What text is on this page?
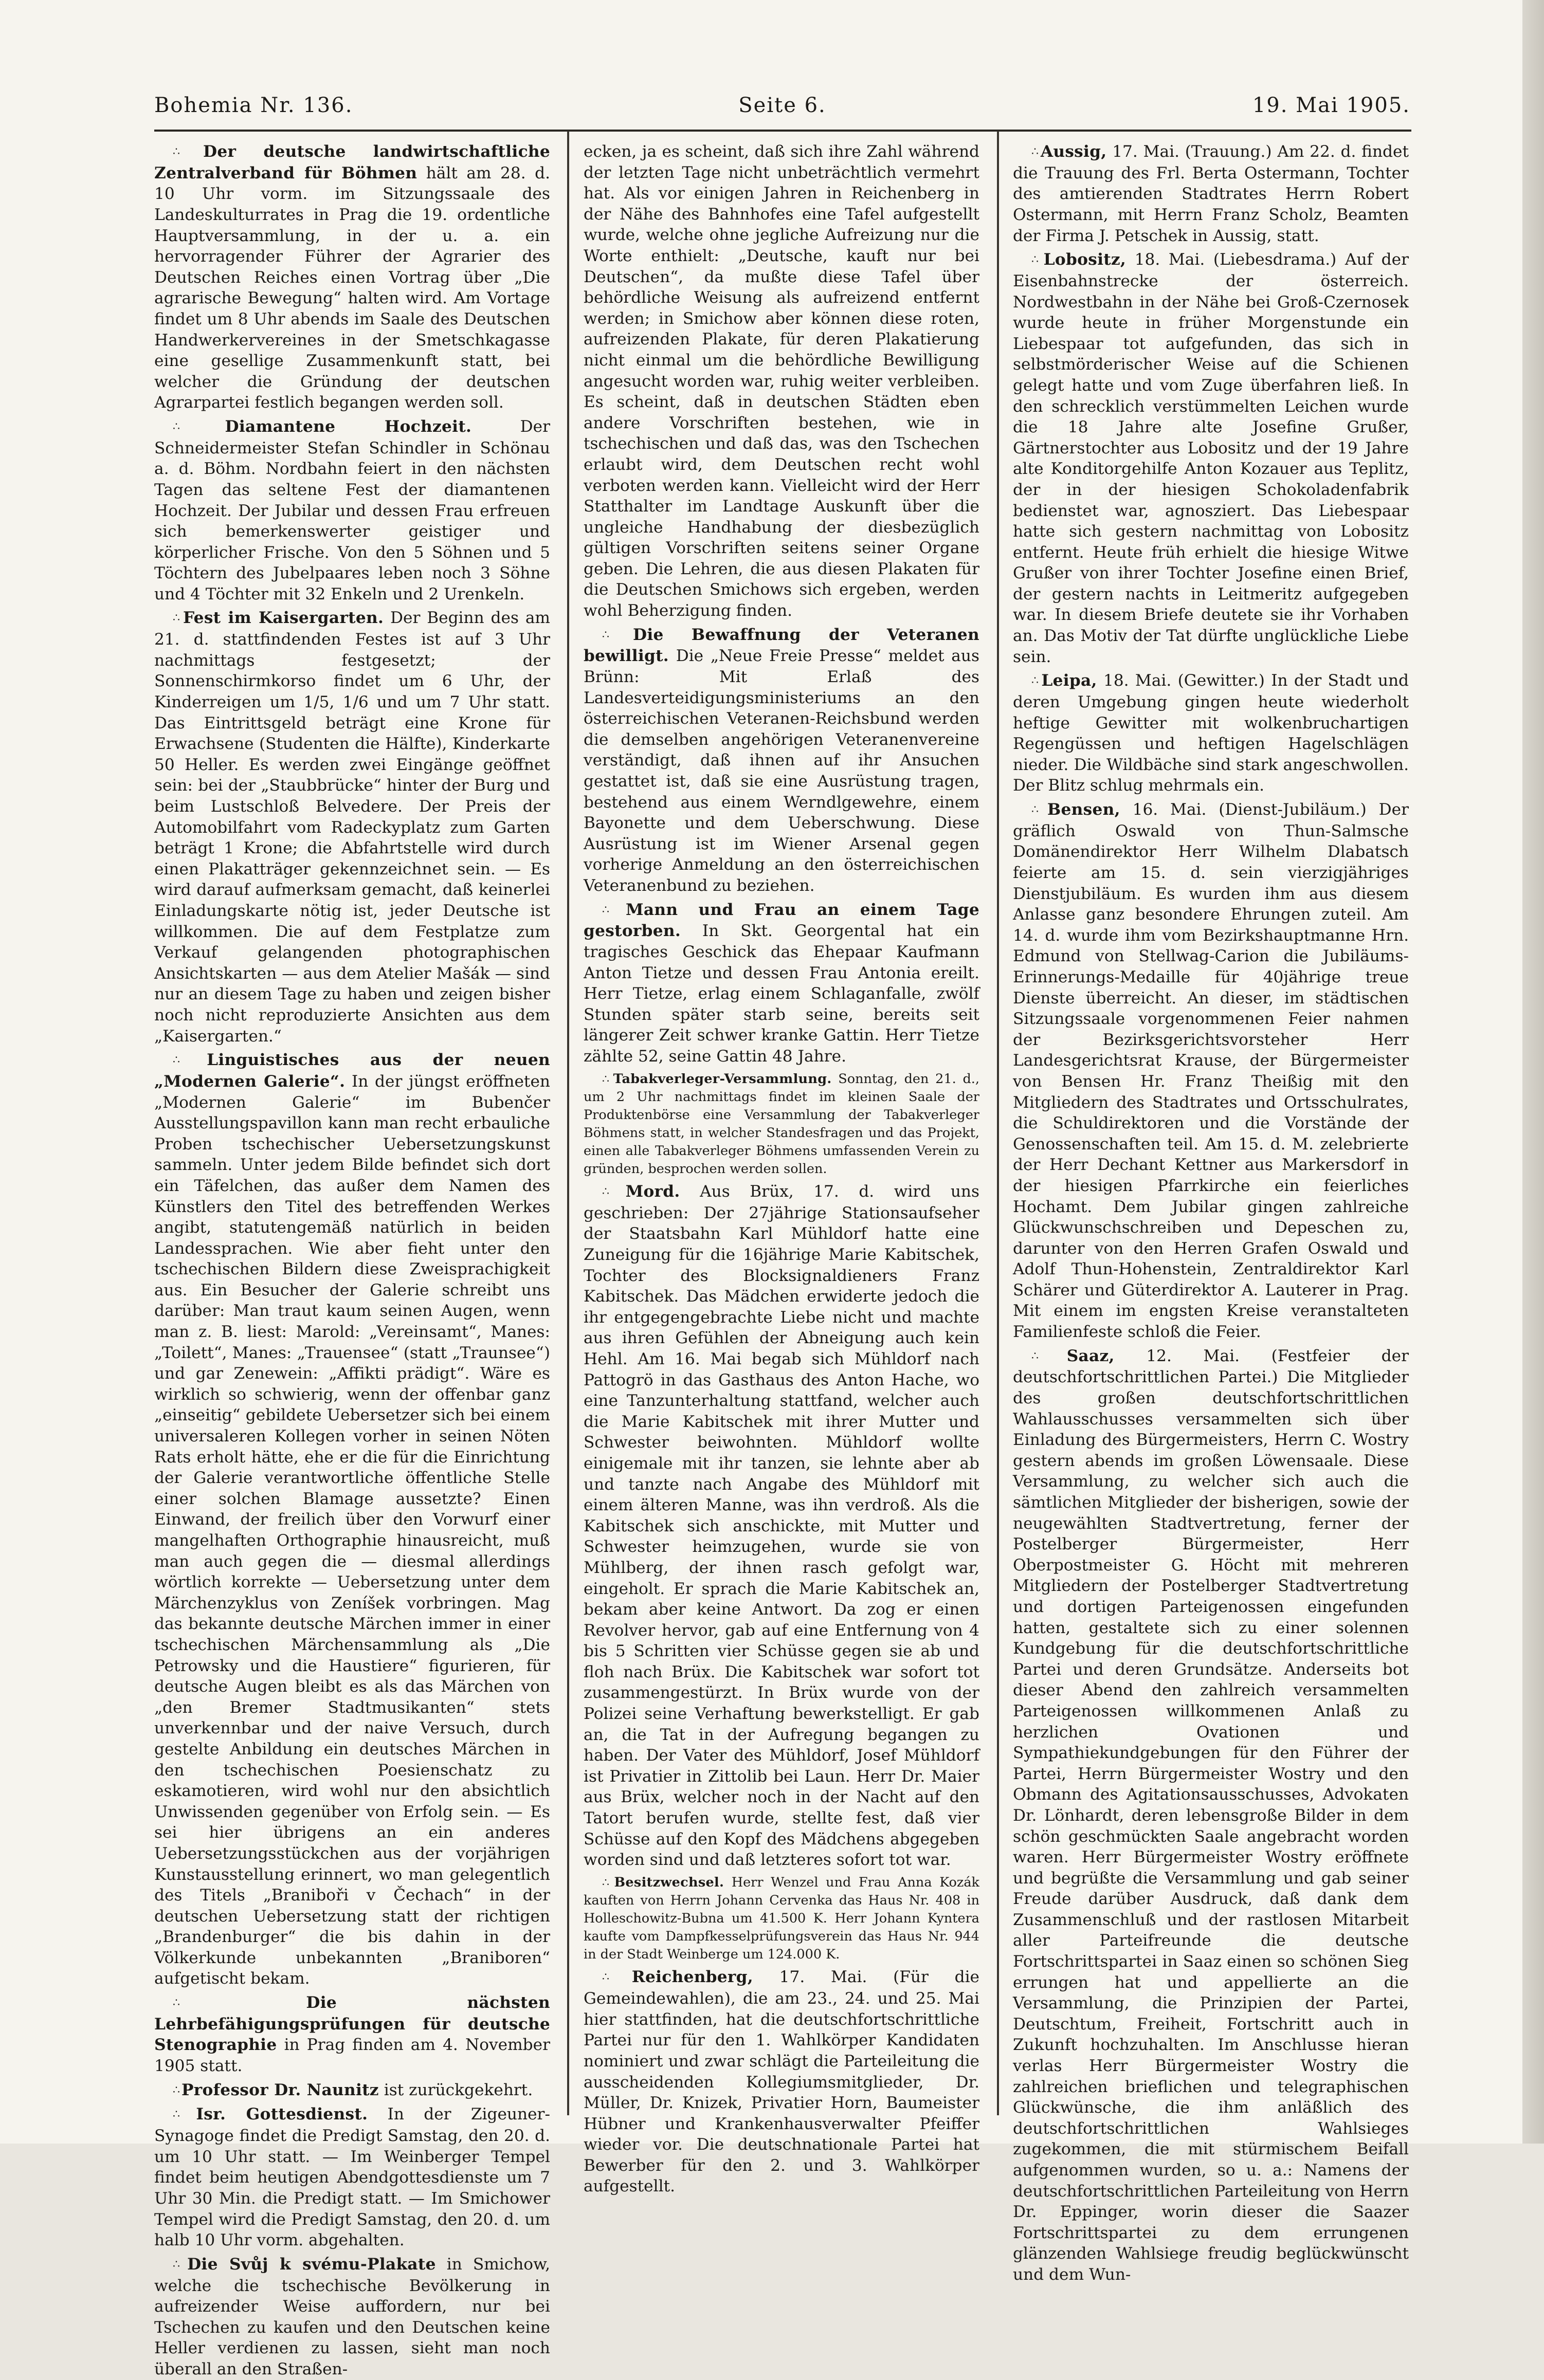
Bohemia Nr. 136.	Seite 6.	19. Mai 1905.

∴ Der deutsche landwirtschaftliche Zentralverband für Böhmen hält am 28. d. 10 Uhr vorm. im Sitzungssaale des Landeskulturrates in Prag die 19. ordentliche Hauptversammlung, in der u. a. ein hervorragender Führer der Agrarier des Deutschen Reiches einen Vortrag über „Die agrarische Bewegung“ halten wird. Am Vortage findet um 8 Uhr abends im Saale des Deutschen Handwerkervereines in der Smetschkagasse eine gesellige Zusammenkunft statt, bei welcher die Gründung der deutschen Agrarpartei festlich begangen werden soll.

∴ Diamantene Hochzeit.	Der Schneidermeister Stefan Schindler in Schönau a. d. Böhm. Nordbahn feiert in den nächsten Tagen das seltene Fest der diamantenen Hochzeit. Der Jubilar und dessen Frau erfreuen sich bemerkenswerter geistiger und körperlicher Frische. Von den 5 Söhnen und 5 Töchtern des Jubelpaares leben noch 3 Söhne und 4 Töchter mit 32 Enkeln und 2 Urenkeln.

∴ Fest im Kaisergarten. Der Beginn des am 21. d. stattfindenden Festes ist auf 3 Uhr nachmittags festgesetzt; der Sonnenschirmkorso findet um 6 Uhr, der Kinderreigen um 1/5, 1/6 und um 7 Uhr statt. Das Eintrittsgeld beträgt eine Krone für Erwachsene (Studenten die Hälfte), Kinderkarte 50 Heller. Es werden zwei Eingänge geöffnet sein: bei der „Staubbrücke“ hinter der Burg und beim Lustschloß Belvedere. Der Preis der Automobilfahrt vom Radeckyplatz zum Garten beträgt 1 Krone; die Abfahrtstelle wird durch einen Plakatträger gekennzeichnet sein. — Es wird darauf aufmerksam gemacht, daß keinerlei Einladungskarte nötig ist, jeder Deutsche ist willkommen. Die auf dem Festplatze zum Verkauf gelangenden photographischen Ansichtskarten — aus dem Atelier Mašák — sind nur an diesem Tage zu haben und zeigen bisher noch nicht reproduzierte Ansichten aus dem „Kaisergarten.“

∴ Linguistisches aus der neuen „Modernen Galerie“. In der jüngst eröffneten „Modernen Galerie“ im Bubenčer Ausstellungspavillon kann man recht erbauliche Proben tschechischer Uebersetzungskunst sammeln. Unter jedem Bilde befindet sich dort ein Täfelchen, das außer dem Namen des Künstlers den Titel des betreffenden Werkes angibt, statutengemäß natürlich in beiden Landessprachen. Wie aber fieht unter den tschechischen Bildern diese Zweisprachigkeit aus. Ein Besucher der Galerie schreibt uns darüber: Man traut kaum seinen Augen, wenn man z. B. liest: Marold: „Vereinsamt“, Manes: „Toilett“, Manes: „Trauensee“ (statt „Traunsee“) und gar Zenewein: „Affikti prädigt“. Wäre es wirklich so schwierig, wenn der offenbar ganz „einseitig“ gebildete Uebersetzer sich bei einem universaleren Kollegen vorher in seinen Nöten Rats erholt hätte, ehe er die für die Einrichtung der Galerie verantwortliche öffentliche Stelle einer solchen Blamage aussetzte? Einen Einwand, der freilich über den Vorwurf einer mangelhaften Orthographie hinausreicht, muß man auch gegen die — diesmal allerdings wörtlich korrekte — Uebersetzung unter dem Märchenzyklus von Zeníšek vorbringen. Mag das bekannte deutsche Märchen immer in einer tschechischen Märchensammlung als „Die Petrowsky und die Haustiere“ figurieren, für deutsche Augen bleibt es als das Märchen von „den Bremer Stadtmusikanten“ stets unverkennbar und der naive Versuch, durch gestelte Anbildung ein deutsches Märchen in den tschechischen Poesienschatz zu eskamotieren, wird wohl nur den absichtlich Unwissenden gegenüber von Erfolg sein. — Es sei hier übrigens an ein anderes Uebersetzungsstückchen aus der vorjährigen Kunstausstellung erinnert, wo man gelegentlich des Titels „Braniboři v Čechach“ in der deutschen Uebersetzung statt der richtigen „Brandenburger“ die bis dahin in der Völkerkunde unbekannten „Braniboren“ aufgetischt bekam.

∴ Die nächsten Lehrbefähigungsprüfungen für deutsche Stenographie in Prag finden am 4. November 1905 statt.

∴ Professor Dr. Naunitz ist zurückgekehrt.

∴ Isr. Gottesdienst. In der Zigeuner-Synagoge findet die Predigt Samstag, den 20. d. um 10 Uhr statt. — Im Weinberger Tempel findet beim heutigen Abendgottesdienste um 7 Uhr 30 Min. die Predigt statt. — Im Smichower Tempel wird die Predigt Samstag, den 20. d. um halb 10 Uhr vorm. abgehalten.

∴ Die Svůj k svému-Plakate in Smichow, welche die tschechische Bevölkerung in aufreizender Weise auffordern, nur bei Tschechen zu kaufen und den Deutschen keine Heller verdienen zu lassen, sieht man noch überall an den Straßen-

ecken, ja es scheint, daß sich ihre Zahl während der letzten Tage nicht unbeträchtlich vermehrt hat. Als vor einigen Jahren in Reichenberg in der Nähe des Bahnhofes eine Tafel aufgestellt wurde, welche ohne jegliche Aufreizung nur die Worte enthielt: „Deutsche, kauft nur bei Deutschen“, da mußte diese Tafel über behördliche Weisung als aufreizend entfernt werden; in Smichow aber können diese roten, aufreizenden Plakate, für deren Plakatierung nicht einmal um die behördliche Bewilligung angesucht worden war, ruhig weiter verbleiben. Es scheint, daß in deutschen Städten eben andere Vorschriften bestehen, wie in tschechischen und daß das, was den Tschechen erlaubt wird, dem Deutschen recht wohl verboten werden kann. Vielleicht wird der Herr Statthalter im Landtage Auskunft über die ungleiche Handhabung der diesbezüglich gültigen Vorschriften seitens seiner Organe geben. Die Lehren, die aus diesen Plakaten für die Deutschen Smichows sich ergeben, werden wohl Beherzigung finden.

∴ Die Bewaffnung der Veteranen bewilligt. Die „Neue Freie Presse“ meldet aus Brünn: Mit Erlaß des Landesverteidigungsministeriums an den österreichischen Veteranen-Reichsbund werden die demselben angehörigen Veteranenvereine verständigt, daß ihnen auf ihr Ansuchen gestattet ist, daß sie eine Ausrüstung tragen, bestehend aus einem Werndlgewehre, einem Bayonette und dem Ueberschwung. Diese Ausrüstung ist im Wiener Arsenal gegen vorherige Anmeldung an den österreichischen Veteranenbund zu beziehen.

∴ Mann und Frau an einem Tage gestorben. In Skt. Georgental hat ein tragisches Geschick das Ehepaar Kaufmann Anton Tietze und dessen Frau Antonia ereilt. Herr Tietze, erlag einem Schlaganfalle, zwölf Stunden später starb seine, bereits seit längerer Zeit schwer kranke Gattin. Herr Tietze zählte 52, seine Gattin 48 Jahre.

∴ Tabakverleger-Versammlung. Sonntag, den 21. d., um 2 Uhr nachmittags findet im kleinen Saale der Produktenbörse eine Versammlung der Tabakverleger Böhmens statt, in welcher Standesfragen und das Projekt, einen alle Tabakverleger Böhmens umfassenden Verein zu gründen, besprochen werden sollen.

∴ Mord. Aus Brüx, 17. d. wird uns geschrieben: Der 27jährige Stationsaufseher der Staatsbahn Karl Mühldorf hatte eine Zuneigung für die 16jährige Marie Kabitschek, Tochter des Blocksignaldieners Franz Kabitschek. Das Mädchen erwiderte jedoch die ihr entgegengebrachte Liebe nicht und machte aus ihren Gefühlen der Abneigung auch kein Hehl. Am 16. Mai begab sich Mühldorf nach Pattogrö in das Gasthaus des Anton Hache, wo eine Tanzunterhaltung stattfand, welcher auch die Marie Kabitschek mit ihrer Mutter und Schwester beiwohnten. Mühldorf wollte einigemale mit ihr tanzen, sie lehnte aber ab und tanzte nach Angabe des Mühldorf mit einem älteren Manne, was ihn verdroß. Als die Kabitschek sich anschickte, mit Mutter und Schwester heimzugehen, wurde sie von Mühlberg, der ihnen rasch gefolgt war, eingeholt. Er sprach die Marie Kabitschek an, bekam aber keine Antwort. Da zog er einen Revolver hervor, gab auf eine Entfernung von 4 bis 5 Schritten vier Schüsse gegen sie ab und floh nach Brüx. Die Kabitschek war sofort tot zusammengestürzt. In Brüx wurde von der Polizei seine Verhaftung bewerkstelligt. Er gab an, die Tat in der Aufregung begangen zu haben. Der Vater des Mühldorf, Josef Mühldorf ist Privatier in Zittolib bei Laun. Herr Dr. Maier aus Brüx, welcher noch in der Nacht auf den Tatort berufen wurde, stellte fest, daß vier Schüsse auf den Kopf des Mädchens abgegeben worden sind und daß letzteres sofort tot war.

∴ Besitzwechsel. Herr Wenzel und Frau Anna Kozák kauften von Herrn Johann Cervenka das Haus Nr. 408 in Holleschowitz-Bubna um 41.500 K. Herr Johann Kyntera kaufte vom Dampfkesselprüfungsverein das Haus Nr. 944 in der Stadt Weinberge um 124.000 K.

∴ Reichenberg, 17. Mai. (Für die Gemeindewahlen), die am 23., 24. und 25. Mai hier stattfinden, hat die deutschfortschrittliche Partei nur für den 1. Wahlkörper Kandidaten nominiert und zwar schlägt die Parteileitung die ausscheidenden Kollegiumsmitglieder, Dr. Müller, Dr. Knizek, Privatier Horn, Baumeister Hübner und Krankenhausverwalter Pfeiffer wieder vor. Die deutschnationale Partei hat Bewerber für den 2. und 3. Wahlkörper aufgestellt.

∴ Aussig, 17. Mai. (Trauung.) Am 22. d. findet die Trauung des Frl. Berta Ostermann, Tochter des amtierenden Stadtrates Herrn Robert Ostermann, mit Herrn Franz Scholz, Beamten der Firma J. Petschek in Aussig, statt.

∴ Lobositz, 18. Mai. (Liebesdrama.) Auf der Eisenbahnstrecke der österreich. Nordwestbahn in der Nähe bei Groß-Czernosek wurde heute in früher Morgenstunde ein Liebespaar tot aufgefunden, das sich in selbstmörderischer Weise auf die Schienen gelegt hatte und vom Zuge überfahren ließ. In den schrecklich verstümmelten Leichen wurde die 18 Jahre alte Josefine Grußer, Gärtnerstochter aus Lobositz und der 19 Jahre alte Konditorgehilfe Anton Kozauer aus Teplitz, der in der hiesigen Schokoladenfabrik bedienstet war, agnosziert. Das Liebespaar hatte sich gestern nachmittag von Lobositz entfernt. Heute früh erhielt die hiesige Witwe Grußer von ihrer Tochter Josefine einen Brief, der gestern nachts in Leitmeritz aufgegeben war. In diesem Briefe deutete sie ihr Vorhaben an. Das Motiv der Tat dürfte unglückliche Liebe sein.

∴ Leipa, 18. Mai. (Gewitter.) In der Stadt und deren Umgebung gingen heute wiederholt heftige Gewitter mit wolkenbruchartigen Regengüssen und heftigen Hagelschlägen nieder. Die Wildbäche sind stark angeschwollen. Der Blitz schlug mehrmals ein.

∴ Bensen, 16. Mai. (Dienst-Jubiläum.) Der gräflich Oswald von Thun-Salmsche Domänendirektor Herr Wilhelm Dlabatsch feierte am 15. d. sein vierzigjähriges Dienstjubiläum. Es wurden ihm aus diesem Anlasse ganz besondere Ehrungen zuteil. Am 14. d. wurde ihm vom Bezirkshauptmanne Hrn. Edmund von Stellwag-Carion die Jubiläums-Erinnerungs-Medaille für 40jährige treue Dienste überreicht. An dieser, im städtischen Sitzungssaale vorgenommenen Feier nahmen der Bezirksgerichtsvorsteher Herr Landesgerichtsrat Krause, der Bürgermeister von Bensen Hr. Franz Theißig mit den Mitgliedern des Stadtrates und Ortsschulrates, die Schuldirektoren und die Vorstände der Genossenschaften teil. Am 15. d. M. zelebrierte der Herr Dechant Kettner aus Markersdorf in der hiesigen Pfarrkirche ein feierliches Hochamt. Dem Jubilar gingen zahlreiche Glückwunschschreiben und Depeschen zu, darunter von den Herren Grafen Oswald und Adolf Thun-Hohenstein, Zentraldirektor Karl Schärer und Güterdirektor A. Lauterer in Prag. Mit einem im engsten Kreise veranstalteten Familienfeste schloß die Feier.

∴ Saaz, 12. Mai. (Festfeier der deutschfortschrittlichen Partei.) Die Mitglieder des großen deutschfortschrittlichen Wahlausschusses versammelten sich über Einladung des Bürgermeisters, Herrn C. Wostry gestern abends im großen Löwensaale. Diese Versammlung, zu welcher sich auch die sämtlichen Mitglieder der bisherigen, sowie der neugewählten Stadtvertretung, ferner der Postelberger Bürgermeister, Herr Oberpostmeister G. Höcht mit mehreren Mitgliedern der Postelberger Stadtvertretung und dortigen Parteigenossen eingefunden hatten, gestaltete sich zu einer solennen Kundgebung für die deutschfortschrittliche Partei und deren Grundsätze. Anderseits bot dieser Abend den zahlreich versammelten Parteigenossen willkommenen Anlaß zu herzlichen Ovationen und Sympathiekundgebungen für den Führer der Partei, Herrn Bürgermeister Wostry und den Obmann des Agitationsausschusses, Advokaten Dr. Lönhardt, deren lebensgroße Bilder in dem schön geschmückten Saale angebracht worden waren. Herr Bürgermeister Wostry eröffnete und begrüßte die Versammlung und gab seiner Freude darüber Ausdruck, daß dank dem Zusammenschluß und der rastlosen Mitarbeit aller Parteifreunde die deutsche Fortschrittspartei in Saaz einen so schönen Sieg errungen hat und appellierte an die Versammlung, die Prinzipien der Partei, Deutschtum, Freiheit, Fortschritt auch in Zukunft hochzuhalten. Im Anschlusse hieran verlas Herr Bürgermeister Wostry die zahlreichen brieflichen und telegraphischen Glückwünsche, die ihm anläßlich des deutschfortschrittlichen Wahlsieges zugekommen, die mit stürmischem Beifall aufgenommen wurden, so u. a.: Namens der deutschfortschrittlichen Parteileitung von Herrn Dr. Eppinger, worin dieser die Saazer Fortschrittspartei zu dem errungenen glänzenden Wahlsiege freudig beglückwünscht und dem Wun-
